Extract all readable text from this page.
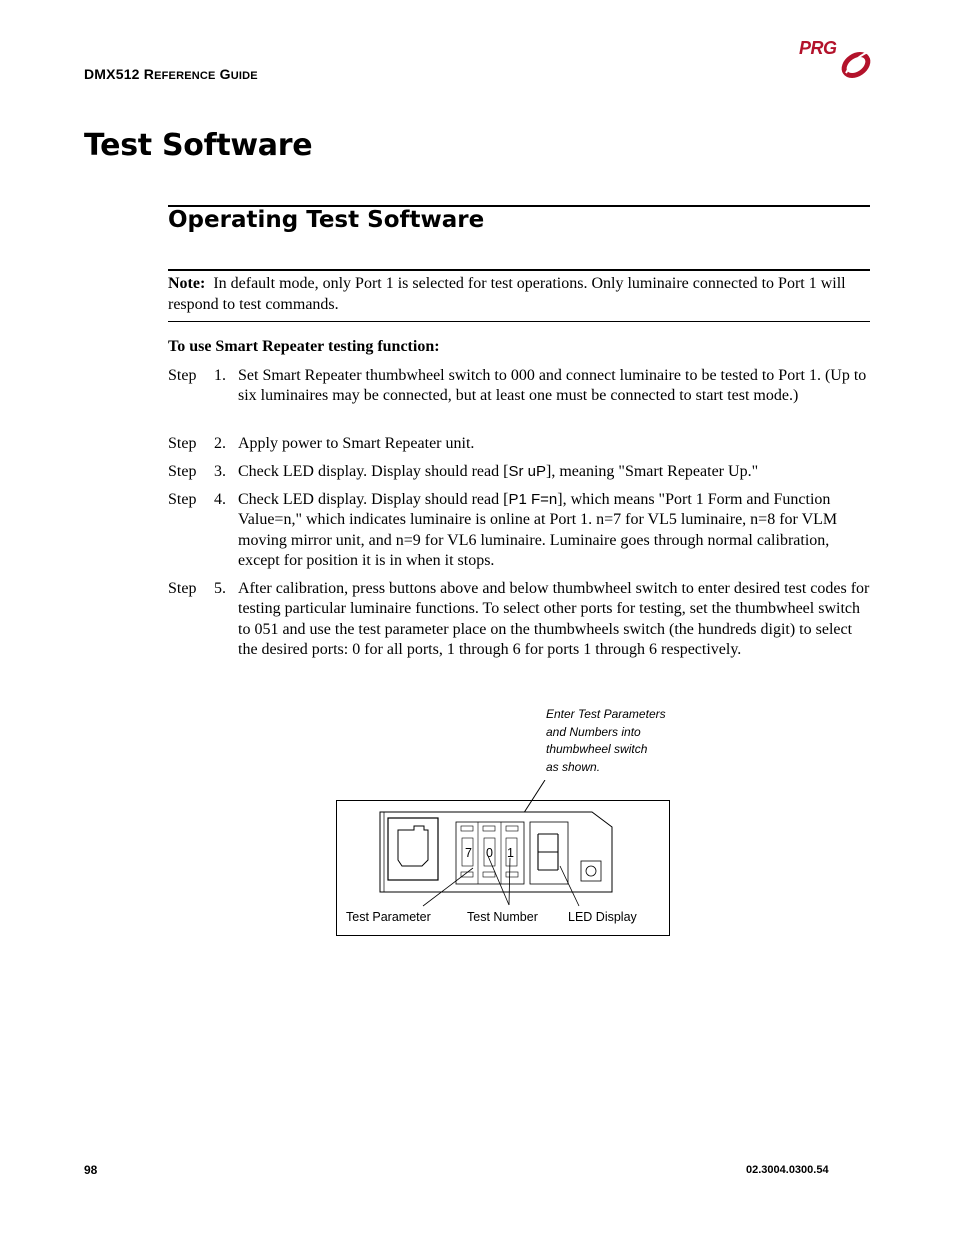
DMX512 REFERENCE GUIDE
PRG
Test Software
Operating Test Software
Note: In default mode, only Port 1 is selected for test operations. Only luminaire connected to Port 1 will respond to test commands.
To use Smart Repeater testing function:
Step 1. Set Smart Repeater thumbwheel switch to 000 and connect luminaire to be tested to Port 1. (Up to six luminaires may be connected, but at least one must be connected to start test mode.)
Step 2. Apply power to Smart Repeater unit.
Step 3. Check LED display. Display should read [Sr uP], meaning "Smart Repeater Up."
Step 4. Check LED display. Display should read [P1 F=n], which means "Port 1 Form and Function Value=n," which indicates luminaire is online at Port 1. n=7 for VL5 luminaire, n=8 for VLM moving mirror unit, and n=9 for VL6 luminaire. Luminaire goes through normal calibration, except for position it is in when it stops.
Step 5. After calibration, press buttons above and below thumbwheel switch to enter desired test codes for testing particular luminaire functions. To select other ports for testing, set the thumbwheel switch to 051 and use the test parameter place on the thumbwheels switch (the hundreds digit) to select the desired ports: 0 for all ports, 1 through 6 for ports 1 through 6 respectively.
Enter Test Parameters
and Numbers into
thumbwheel switch
as shown.
7 0 1
Test Parameter	Test Number LED Display
98	02.3004.0300.54
